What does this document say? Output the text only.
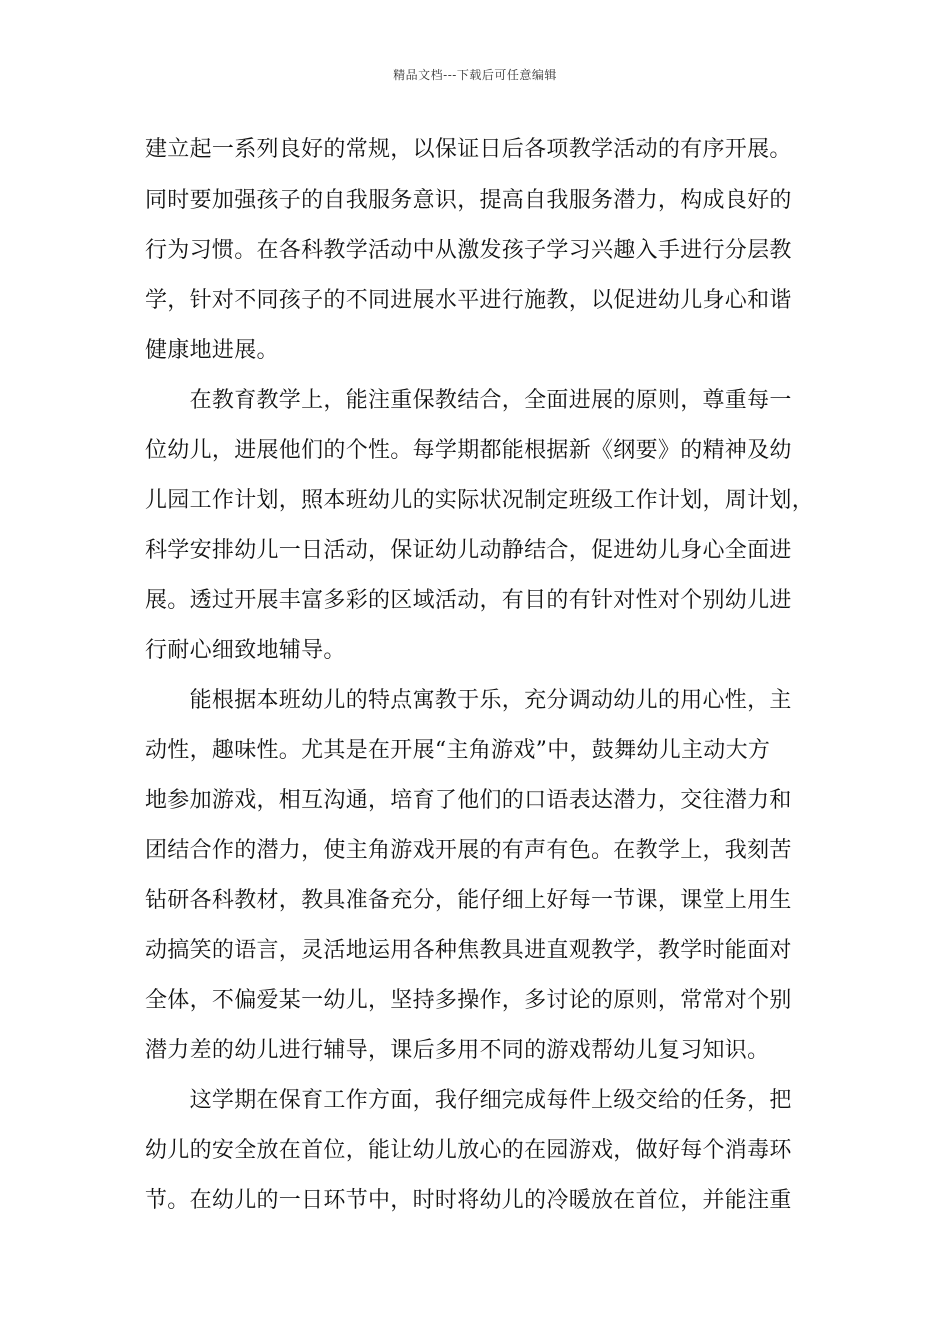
精品文档---下载后可任意编辑
建立起一系列良好的常规，以保证日后各项教学活动的有序开展。
同时要加强孩子的自我服务意识，提高自我服务潜力，构成良好的
行为习惯。在各科教学活动中从激发孩子学习兴趣入手进行分层教
学，针对不同孩子的不同进展水平进行施教，以促进幼儿身心和谐
健康地进展。
　　在教育教学上，能注重保教结合，全面进展的原则，尊重每一
位幼儿，进展他们的个性。每学期都能根据新《纲要》的精神及幼
儿园工作计划，照本班幼儿的实际状况制定班级工作计划，周计划，
科学安排幼儿一日活动，保证幼儿动静结合，促进幼儿身心全面进
展。透过开展丰富多彩的区域活动，有目的有针对性对个别幼儿进
行耐心细致地辅导。
　　能根据本班幼儿的特点寓教于乐，充分调动幼儿的用心性，主
动性，趣味性。尤其是在开展“主角游戏”中，鼓舞幼儿主动大方
地参加游戏，相互沟通，培育了他们的口语表达潜力，交往潜力和
团结合作的潜力，使主角游戏开展的有声有色。在教学上，我刻苦
钻研各科教材，教具准备充分，能仔细上好每一节课，课堂上用生
动搞笑的语言，灵活地运用各种焦教具进直观教学，教学时能面对
全体，不偏爱某一幼儿，坚持多操作，多讨论的原则，常常对个别
潜力差的幼儿进行辅导，课后多用不同的游戏帮幼儿复习知识。
　　这学期在保育工作方面，我仔细完成每件上级交给的任务，把
幼儿的安全放在首位，能让幼儿放心的在园游戏，做好每个消毒环
节。在幼儿的一日环节中，时时将幼儿的冷暖放在首位，并能注重
